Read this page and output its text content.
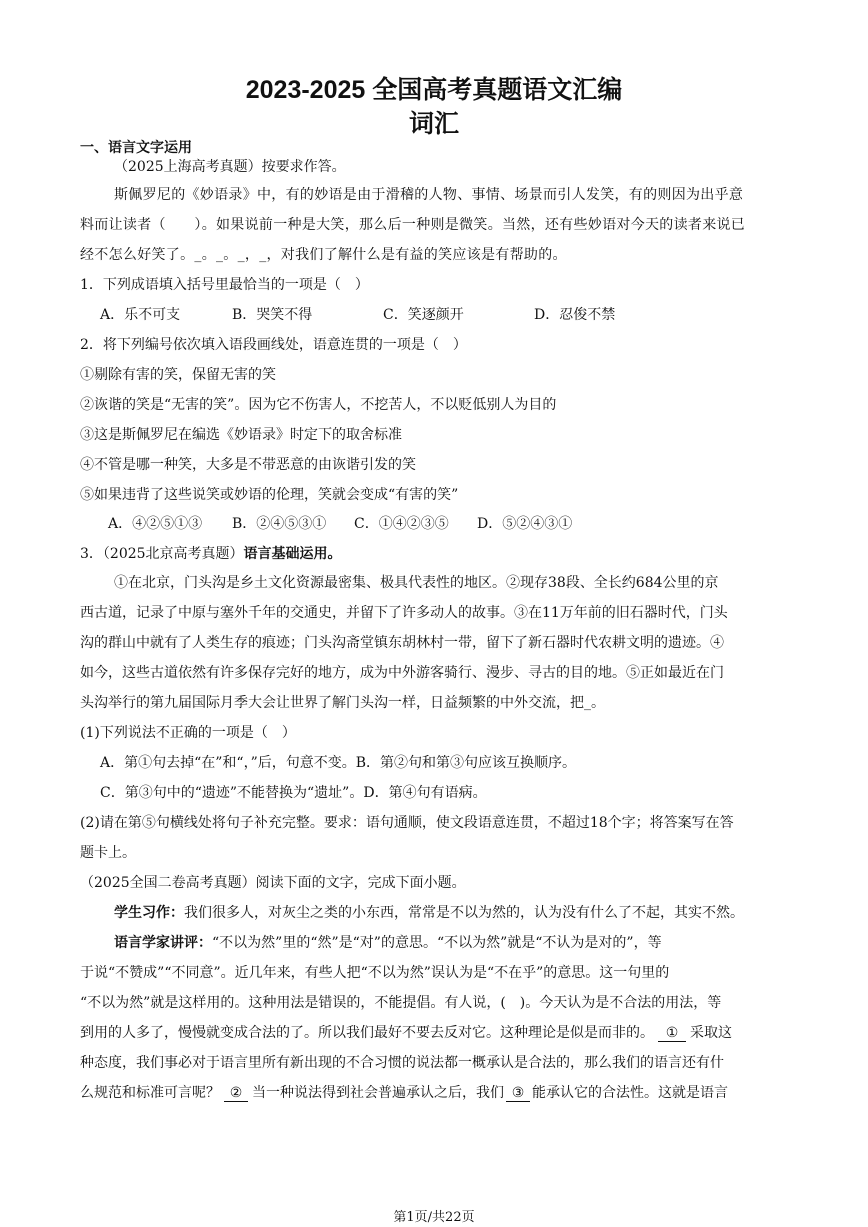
2023-2025 全国高考真题语文汇编
词汇
一、语言文字运用
（2025上海高考真题）按要求作答。
斯佩罗尼的《妙语录》中，有的妙语是由于滑稽的人物、事情、场景而引人发笑，有的则因为出乎意
料而让读者（　　）。如果说前一种是大笑，那么后一种则是微笑。当然，还有些妙语对今天的读者来说已
经不怎么好笑了。_。_。_，_，对我们了解什么是有益的笑应该是有帮助的。
1．下列成语填入括号里最恰当的一项是（　）
A．乐不可支	B．哭笑不得	C．笑逐颜开	D．忍俊不禁
2．将下列编号依次填入语段画线处，语意连贯的一项是（　）
①剔除有害的笑，保留无害的笑
②诙谐的笑是“无害的笑”。因为它不伤害人，不挖苦人，不以贬低别人为目的
③这是斯佩罗尼在编选《妙语录》时定下的取舍标准
④不管是哪一种笑，大多是不带恶意的由诙谐引发的笑
⑤如果违背了这些说笑或妙语的伦理，笑就会变成“有害的笑”
A．④②⑤①③ B．②④⑤③① C．①④②③⑤ D．⑤②④③①
3．（2025北京高考真题）语言基础运用。
①在北京，门头沟是乡土文化资源最密集、极具代表性的地区。②现存38段、全长约684公里的京
西古道，记录了中原与塞外千年的交通史，并留下了许多动人的故事。③在11万年前的旧石器时代，门头
沟的群山中就有了人类生存的痕迹；门头沟斋堂镇东胡林村一带，留下了新石器时代农耕文明的遗迹。④
如今，这些古道依然有许多保存完好的地方，成为中外游客骑行、漫步、寻古的目的地。⑤正如最近在门
头沟举行的第九届国际月季大会让世界了解门头沟一样，日益频繁的中外交流，把_。
(1)下列说法不正确的一项是（　）
A．第①句去掉“在”和“，”后，句意不变。B．第②句和第③句应该互换顺序。
C．第③句中的“遗迹”不能替换为“遗址”。D．第④句有语病。
(2)请在第⑤句横线处将句子补充完整。要求：语句通顺，使文段语意连贯，不超过18个字；将答案写在答
题卡上。
（2025全国二卷高考真题）阅读下面的文字，完成下面小题。
学生习作：我们很多人，对灰尘之类的小东西，常常是不以为然的，认为没有什么了不起，其实不然。
语言学家讲评：“不以为然”里的“然”是“对”的意思。“不以为然”就是“不认为是对的”，等
于说“不赞成”“不同意”。近几年来，有些人把“不以为然”误认为是“不在乎”的意思。这一句里的
“不以为然”就是这样用的。这种用法是错误的，不能提倡。有人说，(　)。今天认为是不合法的用法，等
到用的人多了，慢慢就变成合法的了。所以我们最好不要去反对它。这种理论是似是而非的。 ① 采取这
种态度，我们事必对于语言里所有新出现的不合习惯的说法都一概承认是合法的，那么我们的语言还有什
么规范和标准可言呢？ ② 当一种说法得到社会普遍承认之后，我们 ③ 能承认它的合法性。这就是语言
第1页/共22页
